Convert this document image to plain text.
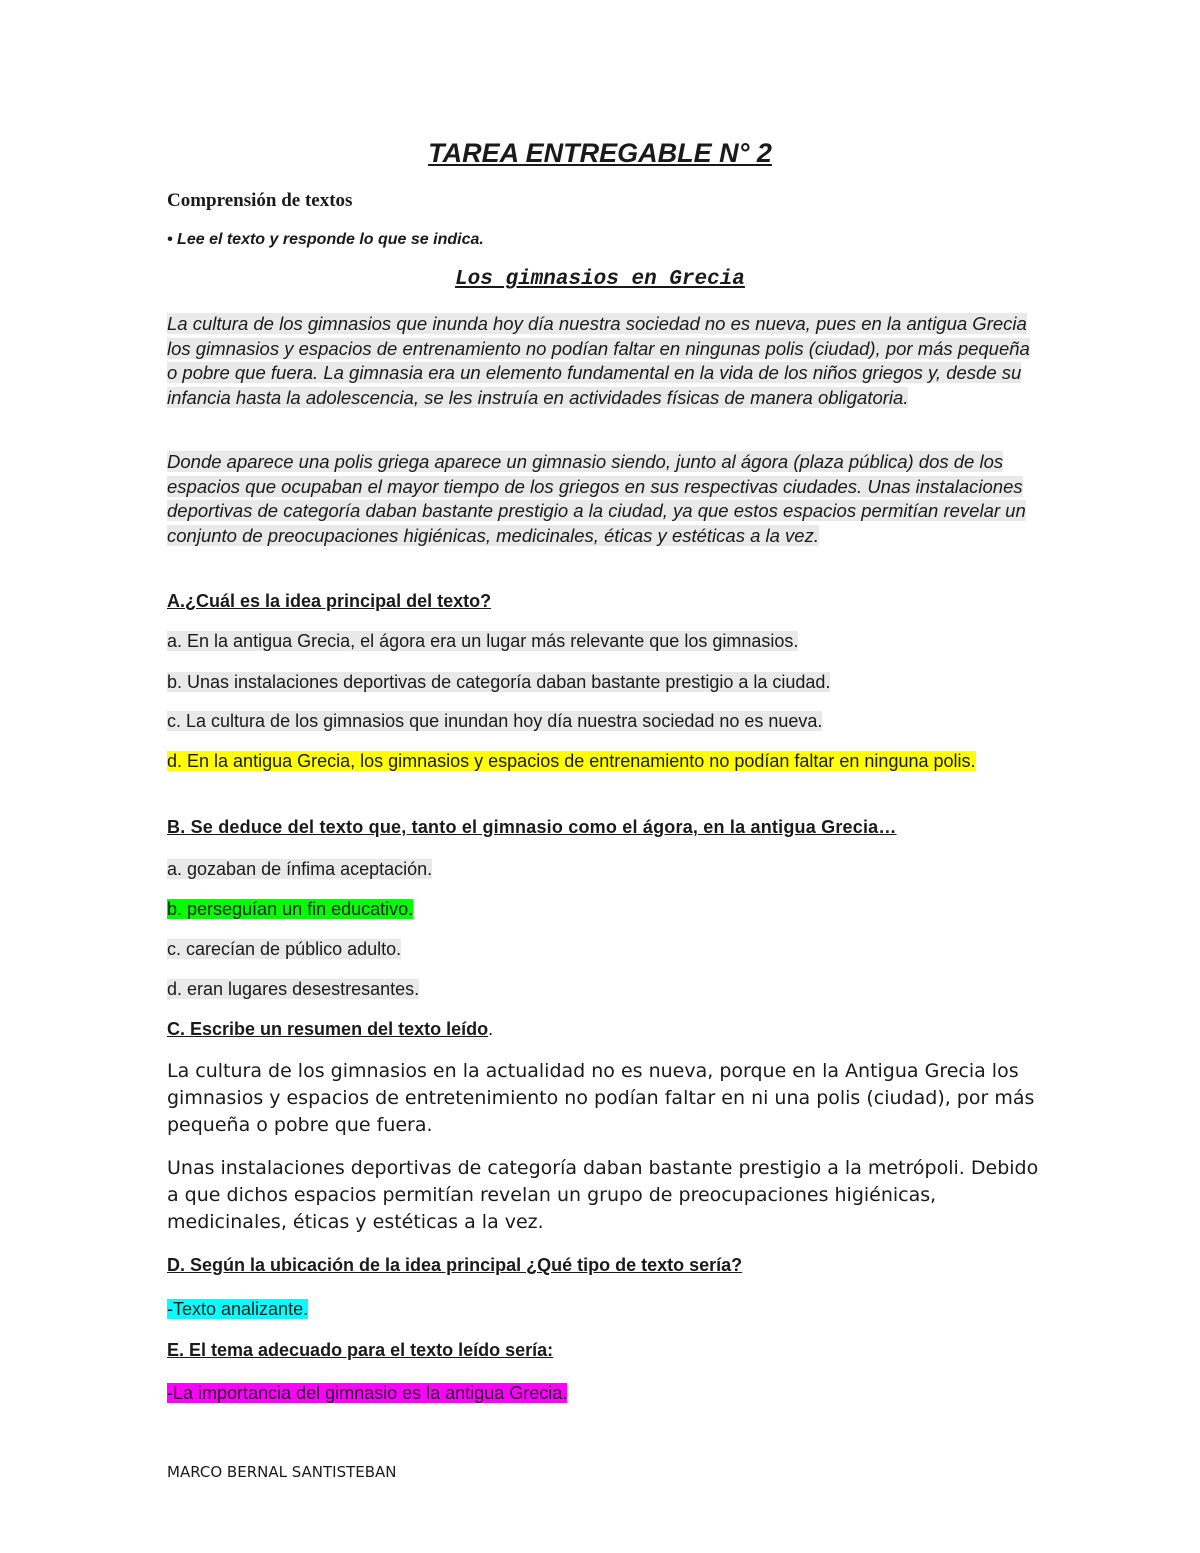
TAREA ENTREGABLE N° 2
Comprensión de textos
• Lee el texto y responde lo que se indica.
Los gimnasios en Grecia

La cultura de los gimnasios que inunda hoy día nuestra sociedad no es nueva, pues en la antigua Grecia los gimnasios y espacios de entrenamiento no podían faltar en ningunas polis (ciudad), por más pequeña o pobre que fuera. La gimnasia era un elemento fundamental en la vida de los niños griegos y, desde su infancia hasta la adolescencia, se les instruía en actividades físicas de manera obligatoria.

Donde aparece una polis griega aparece un gimnasio siendo, junto al ágora (plaza pública) dos de los espacios que ocupaban el mayor tiempo de los griegos en sus respectivas ciudades. Unas instalaciones deportivas de categoría daban bastante prestigio a la ciudad, ya que estos espacios permitían revelar un conjunto de preocupaciones higiénicas, medicinales, éticas y estéticas a la vez.

A.¿Cuál es la idea principal del texto?
a. En la antigua Grecia, el ágora era un lugar más relevante que los gimnasios.
b. Unas instalaciones deportivas de categoría daban bastante prestigio a la ciudad.
c. La cultura de los gimnasios que inundan hoy día nuestra sociedad no es nueva.
d. En la antigua Grecia, los gimnasios y espacios de entrenamiento no podían faltar en ninguna polis.
B. Se deduce del texto que, tanto el gimnasio como el ágora, en la antigua Grecia…
a. gozaban de ínfima aceptación.
b. perseguían un fin educativo.
c. carecían de público adulto.
d. eran lugares desestresantes.
C. Escribe un resumen del texto leído.

La cultura de los gimnasios en la actualidad no es nueva, porque en la Antigua Grecia los gimnasios y espacios de entretenimiento no podían faltar en ni una polis (ciudad), por más pequeña o pobre que fuera.

Unas instalaciones deportivas de categoría daban bastante prestigio a la metrópoli. Debido a que dichos espacios permitían revelan un grupo de preocupaciones higiénicas, medicinales, éticas y estéticas a la vez.

D. Según la ubicación de la idea principal ¿Qué tipo de texto sería?
-Texto analizante.
E. El tema adecuado para el texto leído sería:
-La importancia del gimnasio es la antigua Grecia.
MARCO BERNAL SANTISTEBAN
